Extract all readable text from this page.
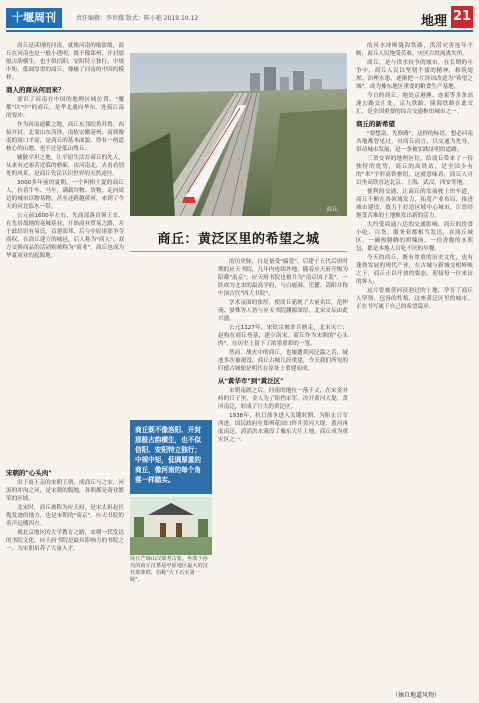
十堰周刊	责任编辑：李世耀 版式：陈小艳 2019.10.12	地理 21

商丘是读现的河南，就像河南的缩影般，商丘在河南也是一般小透明。既不像郑州、开封那般古韵横生，也不似信阳、安阳特立独行，中规中矩、低调厚重的商丘，像极了河南的中国的模样。

商人的商从何而来？

要识了河南在中国的地理区域位置，"魔都"以"中"的商丘，是华北通向华东、连接江南的要冲。

作为河南通衢之地，商丘东邻皖鲁苏鲁，西接开封、北靠山东菏泽，南依安徽亳州、南到豫南的周口平原，是商丘的基本面貌，得有一两道核心的山地，也不过是低山残丘。

辅陂平坦之地，让平原生活在商丘的先人，从来有过艰苦近临的磨砺，由河南北，去看看别处的风景，是商丘先民认识世界的天然途径。

3000多年前的夏朝，一个叫相土夏的商丘人，拉着牛车、马车，满载谷物、货物，走向周边的城市以物易物，甚至还跨越黄河，来到了今天的河北临水一带。

公元前1600年左右，先商部落首领王亥，在先居故地的亳城基业，开始商业贸易之路，并于此结识有易氏，首建部邦，后与中原诸部争夺商权，在商丘建立的城邑，后人称为"商人"。双方交换商品的活动则被称为"商业"，商丘也成为华夏商业的起源地。

宋朝的"心头肉"

由于商王亲的宋朝王朝，成商丘与之宋，河流的冲沟之河，是宋朝的腹地，各朝都是商业繁荣的区域。

北宋时，商丘被称为应天府，是宋太祖赵匡胤发迹的地方，也是宋朝的"南京"，应天书院的名声远播四方。

现北京地区的大学教育之路，宋朝一代发达的书院文化，应天府书院是最具影响力的书院之一，为宋朝培养了大量人才。

商丘。
商丘：黄泛区里的希望之城

的历史脉，自是备受"偏爱"。后建于五代后唐时期的应天书院，几年内连续外地，随着应天府升级为陪都"南京"，应天府书院也被升为"南京国子监"，一跃成为北宋的最高学府，与白鹿洞、岳麓、嵩阳并称中国古代"四大书院"。

学术氛围的浓厚，使商丘涌现了大量名臣，范仲淹、晏殊等人皆与应天书院渊源深厚，北宋文坛由此兴盛。

公元1127年，宋钦宗被金兵掳走，北宋灭亡；赵构在商丘登基，建立南宋。商丘作为宋朝的"心头肉"，在历史上留下了浓墨重彩的一笔。

然而，战火中的商丘，也屡遭黄河泛滥之苦，城池多次被淹没，商丘古城几经重建，今天我们所见的归德古城便是明代在原址上重建而成。

从"黄华市"到"黄泛区"

宋朝南渡之后，河南的地位一落千丈，在宋金对峙的日子里，金人为了阻挡宋军，决开黄河大堤，黄河南泛，形成了巨大的黄泛区。

1938年，抗日战争进入关键时期，为阻止日军西进，国民政府在郑州花园口炸开黄河大堤，黄河再度南泛，滔滔洪水淹没了豫东大片土地，商丘成为重灾区之一。

商丘既不像洛阳、开封那般古韵横生，也不似信阳、安阳特立独行；中规中矩，低调厚重的商丘，像河南的每个角落一样踏实。
商丘芒砀山汉梁考古旅。坐落于孙氏的商丘汉墓是中原地区最大的汉代墓葬群，俗称"大下石室第一陵"。

的河水冲断陇海铁路，洪涝灾害连年不断，商丘人民饱受苦难，灾区百姓流离失所。

商丘，是与洪水抗争的城市。在长期的斗争中，商丘人民以坚韧不拔的精神，修筑堤坝、治理水患，逐渐把一片泽国改造为"希望之城"，成为豫东地区重要的粮食生产基地。

今日的商丘，地处京港澳、连霍等多条高速公路交汇处，京九铁路、陇海铁路在此交汇，是全国重要的综合交通枢纽城市之一。

商丘的新希望

"要想富，先修路"，这样的标语，想必河南各地都曾见过。对商丘而言，以交通为先导，带动城市发展，是一条被实践证明的道路。

三省交界的地理区位，给商丘带来了一份独特的优势，商丘的高铁站，是全国少有的"米"字形高铁枢纽，这就意味着，商丘人可以坐高铁直达北京、上海、武汉、西安等地。

便利的交通，让商丘的发展驶上快车道，商丘不断在各领域发力，拓宽产业布局、推进城市建设，致力于打造区域中心城市，让曾经饱受苦难的土地焕发出新的活力。

大约受商通八达的交通影响，商丘的饮食小吃、百货、服务业都相当发达，在商丘城区，一碗热腾腾的胡辣汤、一份香脆的水煎包，都是本地人百吃不厌的早餐。

今天的商丘，既有厚重的历史文化，也有蓬勃发展的现代产业，在古城与新城交相辉映之下，商丘正以开放的姿态，迎接每一位来访的客人。

这片曾被黄河浸泡过的土地，孕育了商丘人坚韧、包容的性格，这座黄泛区里的城市，正在书写属于自己的希望篇章。

（摘自地道风物）
